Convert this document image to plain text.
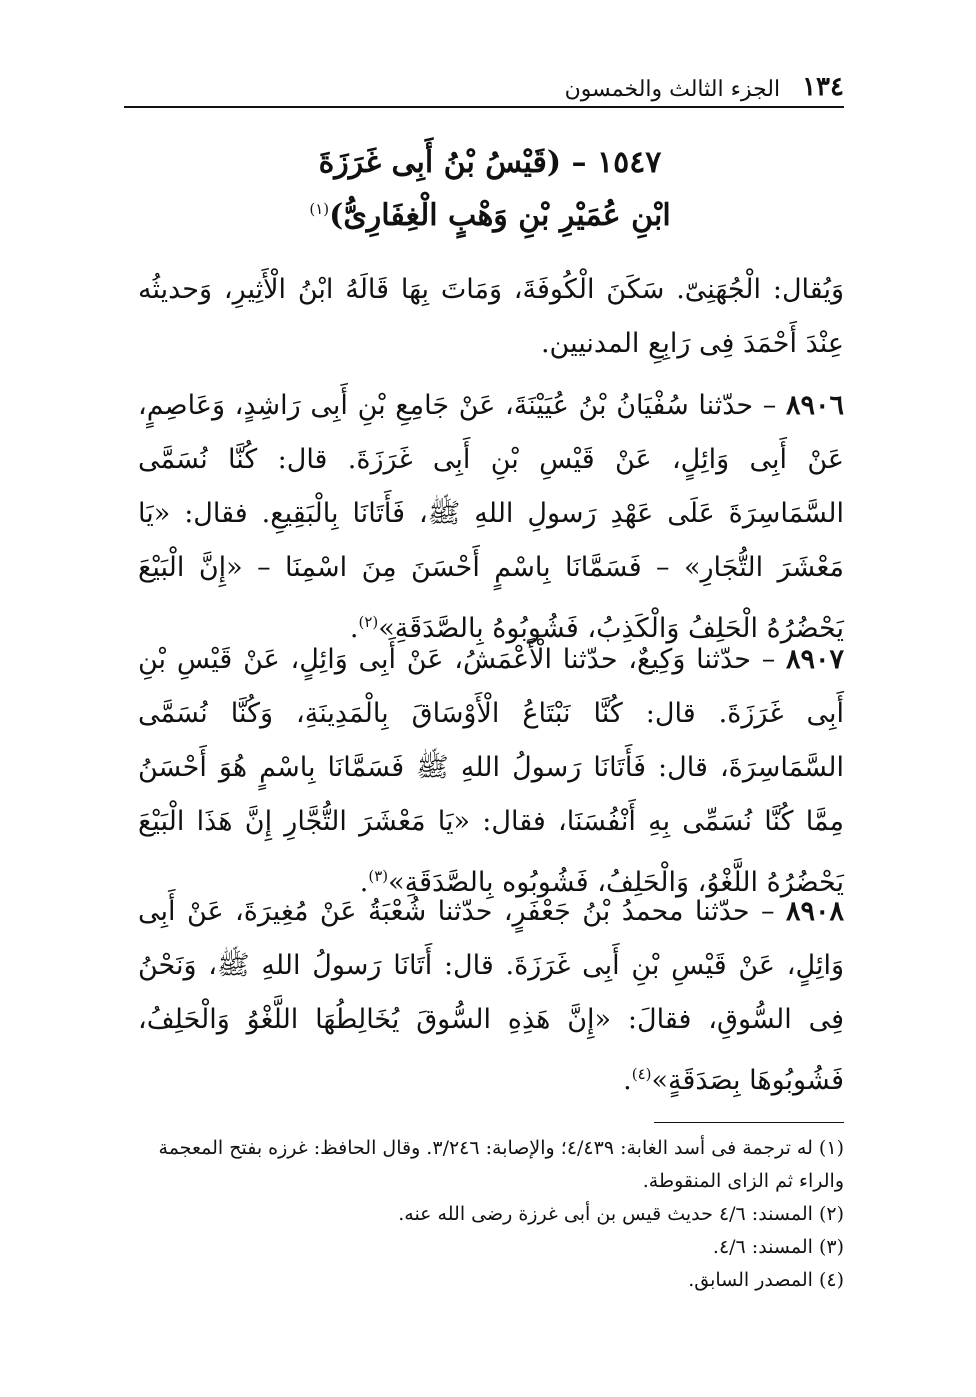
١٣٤
الجزء الثالث والخمسون
١٥٤٧ – (قَيْسُ بْنُ أَبِى غَرَزَةَ
ابْنِ عُمَيْرِ بْنِ وَهْبٍ الْغِفَارِىُّ)$^{(١)}$

وَيُقال: الْجُهَنِىّ. سَكَنَ الْكُوفَةَ، وَمَاتَ بِهَا قَالَهُ ابْنُ الْأَثِيرِ، وَحديثُه عِنْدَ أَحْمَدَ فِى رَابِعِ المدنيين.

٨٩٠٦ – حدّثنا سُفْيَانُ بْنُ عُيَيْنَةَ، عَنْ جَامِعِ بْنِ أَبِى رَاشِدٍ، وَعَاصِمٍ، عَنْ أَبِى وَائِلٍ، عَنْ قَيْسِ بْنِ أَبِى غَرَزَةَ. قال: كُنَّا نُسَمَّى السَّمَاسِرَةَ عَلَى عَهْدِ رَسولِ اللهِ ﷺ، فَأَتَانَا بِالْبَقِيعِ. فقال: «يَا مَعْشَرَ التُّجَارِ» – فَسَمَّانَا بِاسْمٍ أَحْسَنَ مِنَ اسْمِنَا – «إِنَّ الْبَيْعَ يَحْضُرُهُ الْحَلِفُ وَالْكَذِبُ، فَشُوبُوهُ بِالصَّدَقَةِ»$^{(٢)}$.

٨٩٠٧ – حدّثنا وَكِيعٌ، حدّثنا الْأَعْمَشُ، عَنْ أَبِى وَائِلٍ، عَنْ قَيْسِ بْنِ أَبِى غَرَزَةَ. قال: كُنَّا نَبْتَاعُ الْأَوْسَاقَ بِالْمَدِينَةِ، وَكُنَّا نُسَمَّى السَّمَاسِرَةَ، قال: فَأَتَانَا رَسولُ اللهِ ﷺ فَسَمَّانَا بِاسْمٍ هُوَ أَحْسَنُ مِمَّا كُنَّا نُسَمِّى بِهِ أَنْفُسَنَا، فقال: «يَا مَعْشَرَ التُّجَّارِ إِنَّ هَذَا الْبَيْعَ يَحْضُرُهُ اللَّغْوُ، وَالْحَلِفُ، فَشُوبُوه بِالصَّدَقَةِ»$^{(٣)}$.

٨٩٠٨ – حدّثنا محمدُ بْنُ جَعْفَرٍ، حدّثنا شُعْبَةُ عَنْ مُغِيرَةَ، عَنْ أَبِى وَائِلٍ، عَنْ قَيْسِ بْنِ أَبِى غَرَزَةَ. قال: أَتَانَا رَسولُ اللهِ ﷺ، وَنَحْنُ فِى السُّوقِ، فقالَ: «إِنَّ هَذِهِ السُّوقَ يُخَالِطُهَا اللَّغْوُ وَالْحَلِفُ، فَشُوبُوهَا بِصَدَقَةٍ»$^{(٤)}$.

(١) له ترجمة فى أسد الغابة: ٤/٤٣٩؛ والإصابة: ٣/٢٤٦. وقال الحافظ: غرزه بفتح المعجمة والراء ثم الزاى المنقوطة.

(٢) المسند: ٤/٦ حديث قيس بن أبى غرزة رضى الله عنه.

(٣) المسند: ٤/٦.

(٤) المصدر السابق.
